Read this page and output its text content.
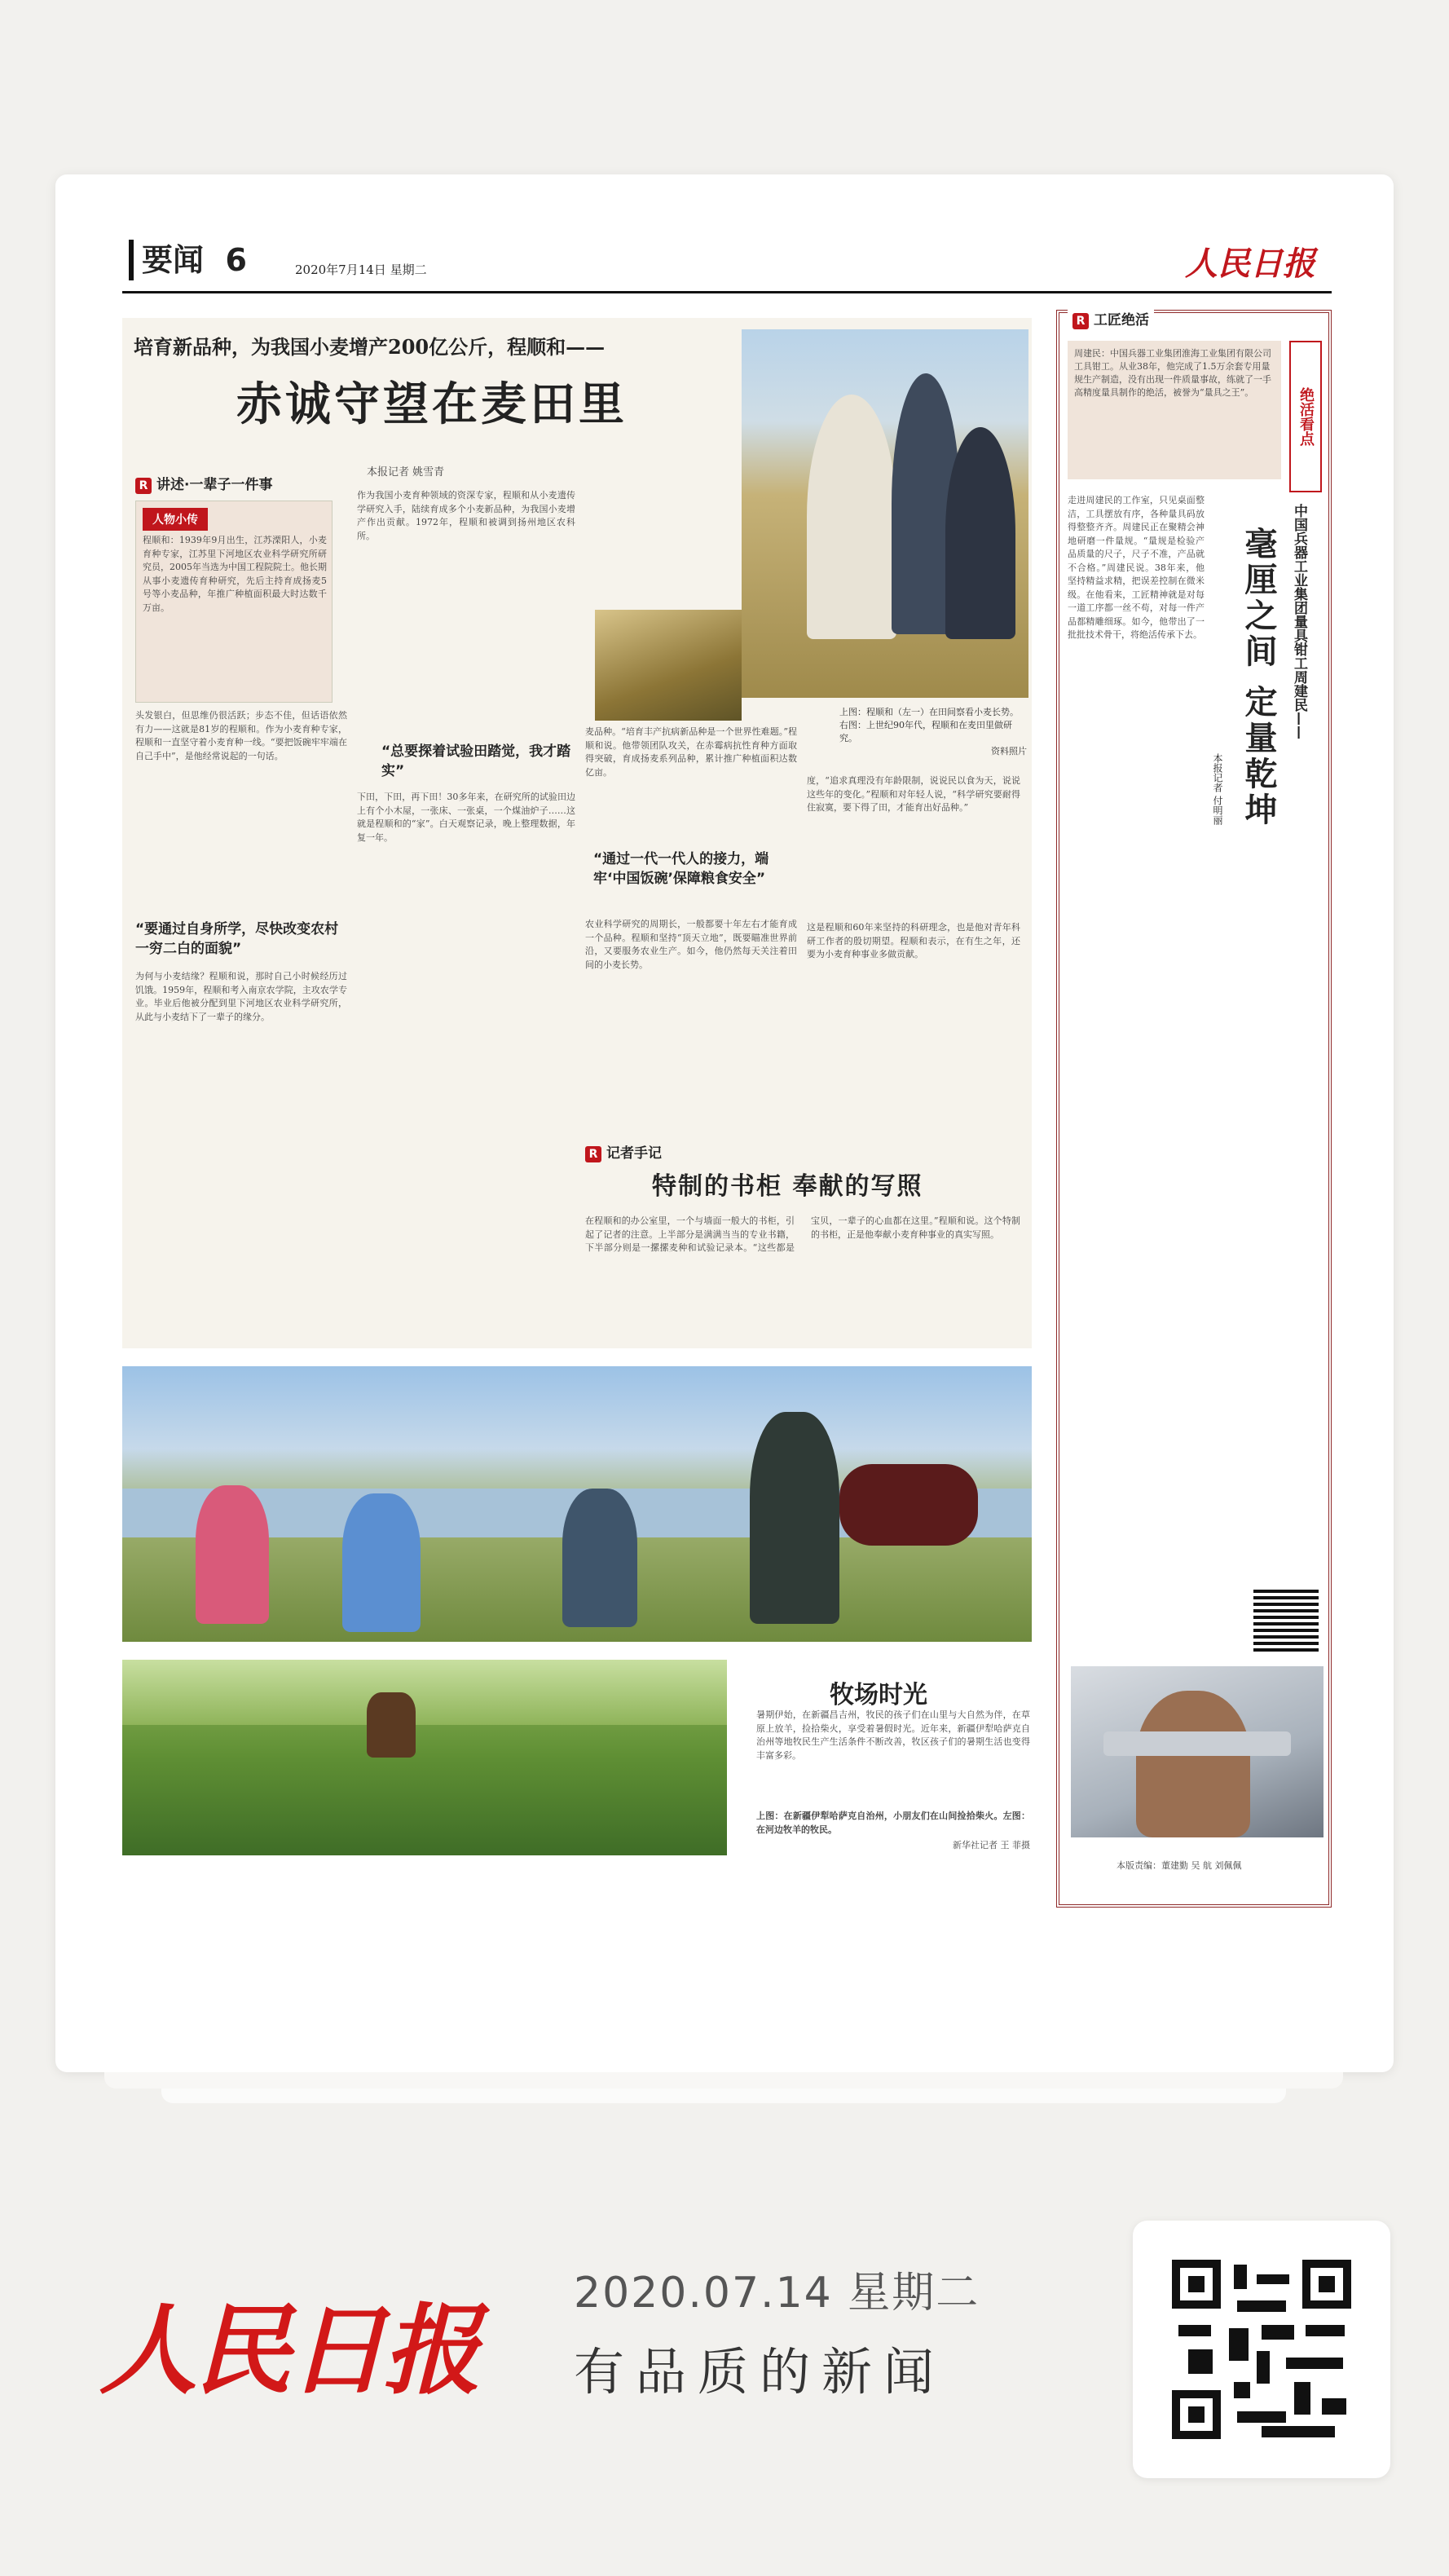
要闻 6	2020年7月14日 星期二	人民日报
培育新品种，为我国小麦增产200亿公斤，程顺和——
赤诚守望在麦田里
本报记者 姚雪青
上图：程顺和（左一）在田间察看小麦长势。右图：上世纪90年代，程顺和在麦田里做研究。

资料照片
R 讲述·一辈子一件事
人物小传
程顺和：1939年9月出生，江苏溧阳人，小麦育种专家，江苏里下河地区农业科学研究所研究员，2005年当选为中国工程院院士。他长期从事小麦遗传育种研究，先后主持育成扬麦5号等小麦品种，年推广种植面积最大时达数千万亩。
头发银白，但思维仍很活跃；步态不佳，但话语依然有力——这就是81岁的程顺和。作为小麦育种专家，程顺和一直坚守着小麦育种一线。“要把饭碗牢牢端在自己手中”，是他经常说起的一句话。
“要通过自身所学，尽快改变农村一穷二白的面貌”
为何与小麦结缘？程顺和说，那时自己小时候经历过饥饿。1959年，程顺和考入南京农学院，主攻农学专业。毕业后他被分配到里下河地区农业科学研究所，从此与小麦结下了一辈子的缘分。
作为我国小麦育种领域的资深专家，程顺和从小麦遗传学研究入手，陆续育成多个小麦新品种，为我国小麦增产作出贡献。1972年，程顺和被调到扬州地区农科所。
“总要探着试验田踏觉，我才踏实”
下田，下田，再下田！30多年来，在研究所的试验田边上有个小木屋，一张床、一张桌，一个煤油炉子……这就是程顺和的“家”。白天观察记录，晚上整理数据，年复一年。
麦品种。“培育丰产抗病新品种是一个世界性难题。”程顺和说。他带领团队攻关，在赤霉病抗性育种方面取得突破，育成扬麦系列品种，累计推广种植面积达数亿亩。
“通过一代一代人的接力，端牢‘中国饭碗’保障粮食安全”
农业科学研究的周期长，一般都要十年左右才能育成一个品种。程顺和坚持“顶天立地”，既要瞄准世界前沿，又要服务农业生产。如今，他仍然每天关注着田间的小麦长势。
度，“追求真理没有年龄限制，说说民以食为天，说说这些年的变化。”程顺和对年轻人说，“科学研究要耐得住寂寞，要下得了田，才能育出好品种。”
这是程顺和60年来坚持的科研理念，也是他对青年科研工作者的殷切期望。程顺和表示，在有生之年，还要为小麦育种事业多做贡献。
R 记者手记
特制的书柜 奉献的写照
在程顺和的办公室里，一个与墙面一般大的书柜，引起了记者的注意。上半部分是满满当当的专业书籍，下半部分则是一摞摞麦种和试验记录本。“这些都是宝贝，一辈子的心血都在这里。”程顺和说。这个特制的书柜，正是他奉献小麦育种事业的真实写照。
牧场时光
暑期伊始，在新疆昌吉州，牧民的孩子们在山里与大自然为伴，在草原上放羊，捡拾柴火，享受着暑假时光。近年来，新疆伊犁哈萨克自治州等地牧民生产生活条件不断改善，牧区孩子们的暑期生活也变得丰富多彩。
上图：在新疆伊犁哈萨克自治州，小朋友们在山间捡拾柴火。左图：在河边牧羊的牧民。
新华社记者 王 菲摄
R 工匠绝活
周建民：中国兵器工业集团淮海工业集团有限公司工具钳工。从业38年，他完成了1.5万余套专用量规生产制造，没有出现一件质量事故，练就了一手高精度量具制作的绝活，被誉为“量具之王”。	绝活看点
走进周建民的工作室，只见桌面整洁，工具摆放有序，各种量具码放得整整齐齐。周建民正在聚精会神地研磨一件量规。“量规是检验产品质量的尺子，尺子不准，产品就不合格。”周建民说。38年来，他坚持精益求精，把误差控制在微米级。在他看来，工匠精神就是对每一道工序都一丝不苟，对每一件产品都精雕细琢。如今，他带出了一批批技术骨干，将绝活传承下去。	中国兵器工业集团量具钳工周建民——
毫厘之间 定量乾坤
本报记者 付明丽
本版责编：董建勤 吴 航 刘佩佩
人民日报 2020.07.14 星期二
有品质的新闻
